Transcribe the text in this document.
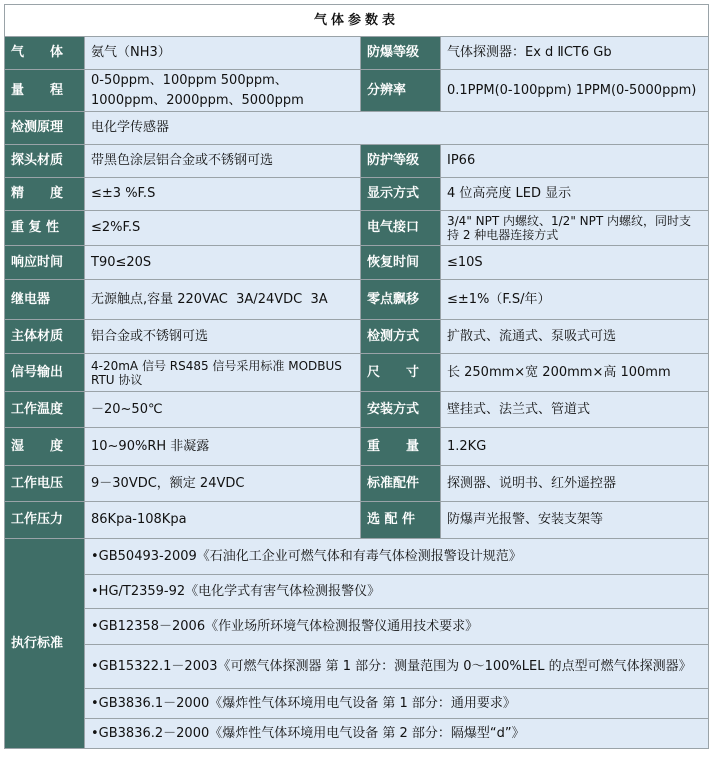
气体参数表			
气　　体	氨气（NH3）	防爆等级	气体探测器：Ex d ⅡCT6 Gb
量　　程	0-50ppm、100ppm 500ppm、1000ppm、2000ppm、5000ppm	分辨率	0.1PPM(0-100ppm) 1PPM(0-5000ppm)
检测原理	电化学传感器		
探头材质	带黑色涂层铝合金或不锈钢可选	防护等级	IP66
精　　度	≤±3 %F.S	显示方式	4 位高亮度 LED 显示
重 复 性	≤2%F.S	电气接口	3/4" NPT 内螺纹、1/2" NPT 内螺纹，同时支持 2 种电器连接方式
响应时间	T90≤20S	恢复时间	≤10S
继电器	无源触点,容量 220VAC  3A/24VDC  3A	零点飘移	≤±1%（F.S/年）
主体材质	铝合金或不锈钢可选	检测方式	扩散式、流通式、泵吸式可选
信号输出	4-20mA 信号 RS485 信号采用标准 MODBUS RTU 协议	尺　　寸	长 250mm×宽 200mm×高 100mm
工作温度	－20~50℃	安装方式	壁挂式、法兰式、管道式
湿　　度	10~90%RH 非凝露	重　　量	1.2KG
工作电压	9－30VDC，额定 24VDC	标准配件	探测器、说明书、红外遥控器
工作压力	86Kpa-108Kpa	选 配 件	防爆声光报警、安装支架等
执行标准	•GB50493-2009《石油化工企业可燃气体和有毒气体检测报警设计规范》		
	•HG/T2359-92《电化学式有害气体检测报警仪》		
	•GB12358－2006《作业场所环境气体检测报警仪通用技术要求》		
	•GB15322.1－2003《可燃气体探测器 第 1 部分：测量范围为 0～100%LEL 的点型可燃气体探测器》		
	•GB3836.1－2000《爆炸性气体环境用电气设备 第 1 部分：通用要求》		
	•GB3836.2－2000《爆炸性气体环境用电气设备 第 2 部分：隔爆型“d”》		
